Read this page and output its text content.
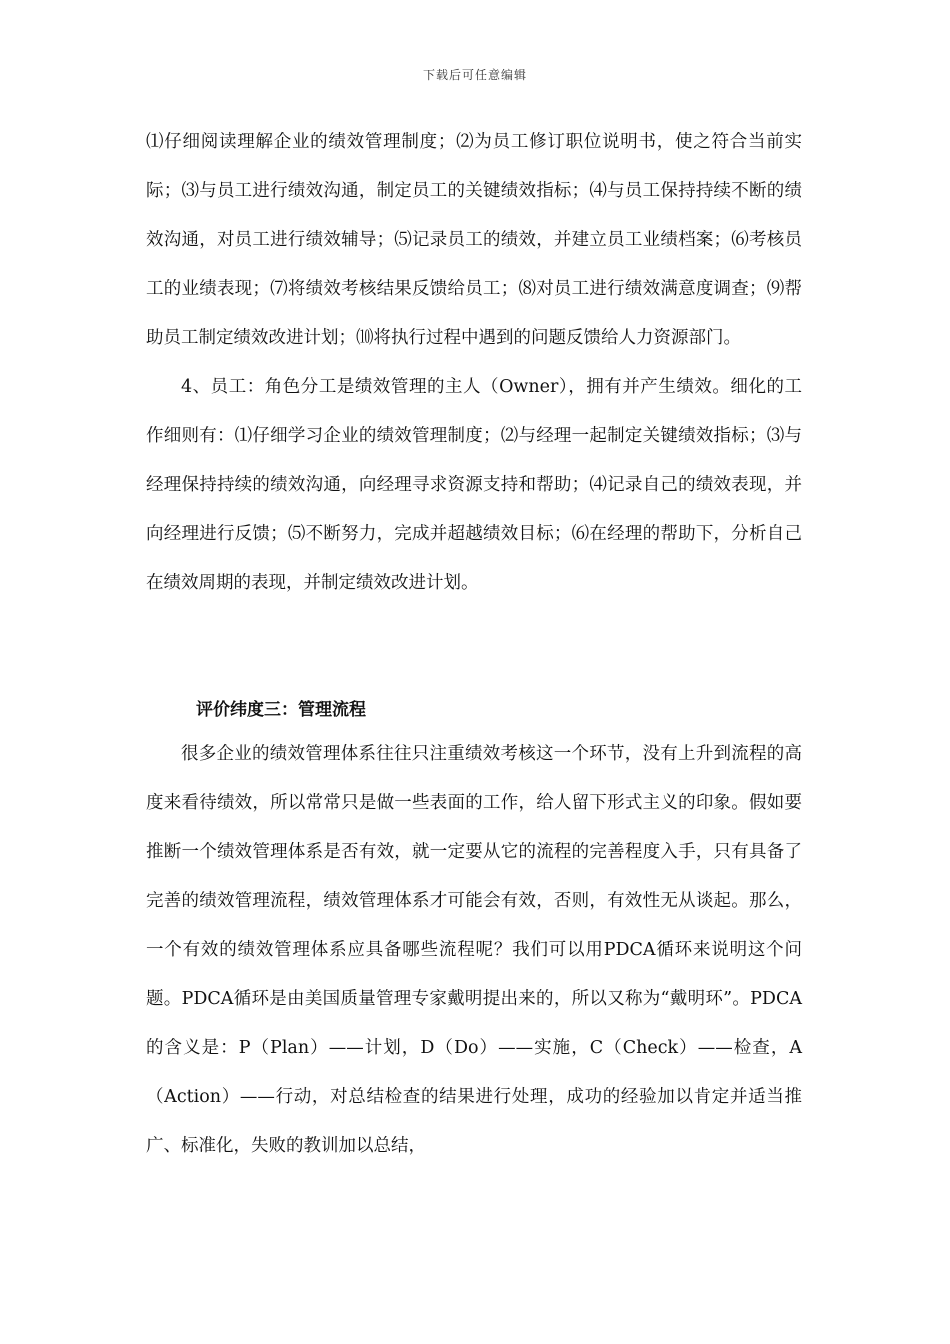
下载后可任意编辑

⑴仔细阅读理解企业的绩效管理制度；⑵为员工修订职位说明书，使之符合当前实际；⑶与员工进行绩效沟通，制定员工的关键绩效指标；⑷与员工保持持续不断的绩效沟通，对员工进行绩效辅导；⑸记录员工的绩效，并建立员工业绩档案；⑹考核员工的业绩表现；⑺将绩效考核结果反馈给员工；⑻对员工进行绩效满意度调查；⑼帮助员工制定绩效改进计划；⑽将执行过程中遇到的问题反馈给人力资源部门。

4、员工：角色分工是绩效管理的主人（Owner），拥有并产生绩效。细化的工作细则有：⑴仔细学习企业的绩效管理制度；⑵与经理一起制定关键绩效指标；⑶与经理保持持续的绩效沟通，向经理寻求资源支持和帮助；⑷记录自己的绩效表现，并向经理进行反馈；⑸不断努力，完成并超越绩效目标；⑹在经理的帮助下，分析自己在绩效周期的表现，并制定绩效改进计划。

评价纬度三：管理流程

很多企业的绩效管理体系往往只注重绩效考核这一个环节，没有上升到流程的高度来看待绩效，所以常常只是做一些表面的工作，给人留下形式主义的印象。假如要推断一个绩效管理体系是否有效，就一定要从它的流程的完善程度入手，只有具备了完善的绩效管理流程，绩效管理体系才可能会有效，否则，有效性无从谈起。那么，一个有效的绩效管理体系应具备哪些流程呢？我们可以用PDCA循环来说明这个问题。PDCA循环是由美国质量管理专家戴明提出来的，所以又称为“戴明环”。PDCA的含义是：P（Plan）——计划，D（Do）——实施，C（Check）——检查，A（Action）——行动，对总结检查的结果进行处理，成功的经验加以肯定并适当推广、标准化，失败的教训加以总结，
